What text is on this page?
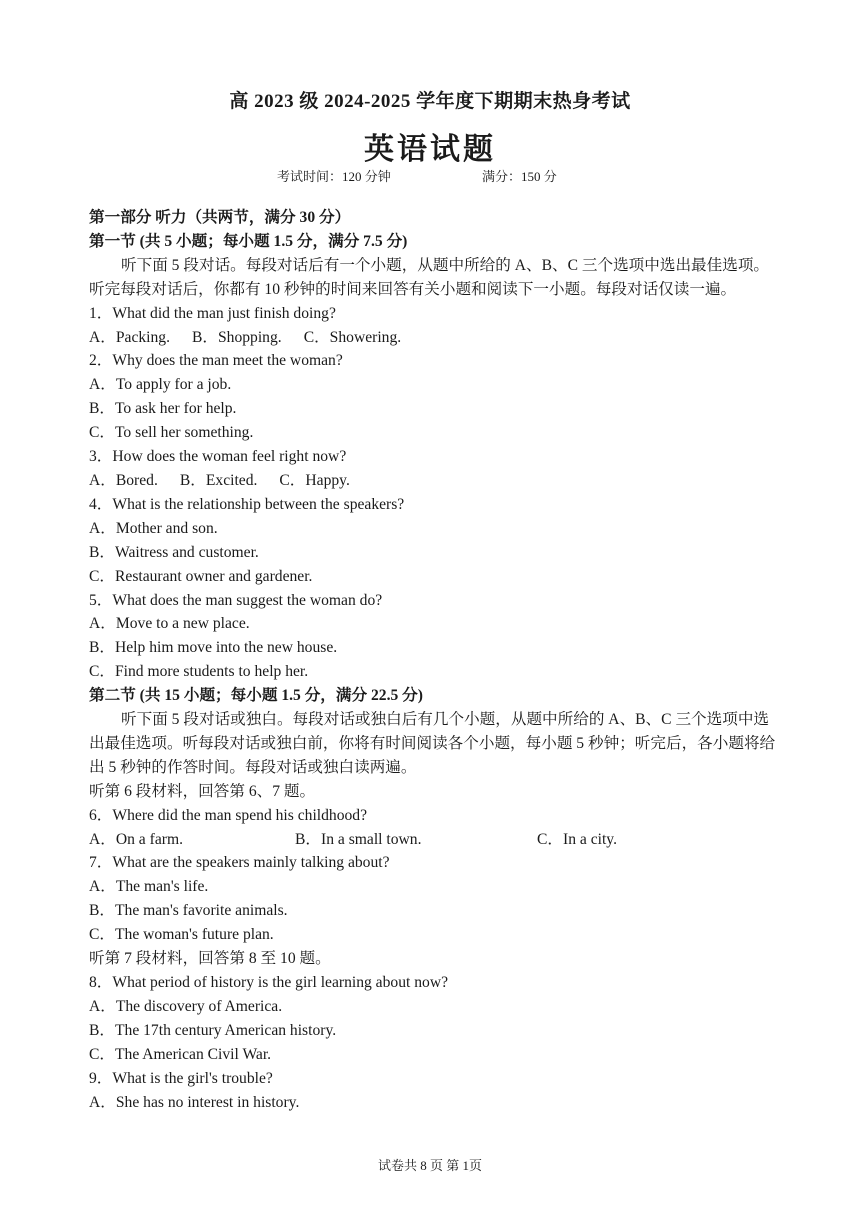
高 2023 级 2024-2025 学年度下期期末热身考试
英语试题
考试时间：120 分钟	满分：150 分
第一部分 听力（共两节，满分 30 分）
第一节 (共 5 小题；每小题 1.5 分，满分 7.5 分)
听下面 5 段对话。每段对话后有一个小题，从题中所给的 A、B、C 三个选项中选出最佳选项。听完每段对话后，你都有 10 秒钟的时间来回答有关小题和阅读下一小题。每段对话仅读一遍。
1．What did the man just finish doing?
A．Packing. B．Shopping. C．Showering.
2．Why does the man meet the woman?
A．To apply for a job.
B．To ask her for help.
C．To sell her something.
3．How does the woman feel right now?
A．Bored. B．Excited. C．Happy.
4．What is the relationship between the speakers?
A．Mother and son.
B．Waitress and customer.
C．Restaurant owner and gardener.
5．What does the man suggest the woman do?
A．Move to a new place.
B．Help him move into the new house.
C．Find more students to help her.
第二节 (共 15 小题；每小题 1.5 分，满分 22.5 分)
听下面 5 段对话或独白。每段对话或独白后有几个小题，从题中所给的 A、B、C 三个选项中选出最佳选项。听每段对话或独白前，你将有时间阅读各个小题，每小题 5 秒钟；听完后，各小题将给出 5 秒钟的作答时间。每段对话或独白读两遍。
听第 6 段材料，回答第 6、7 题。
6．Where did the man spend his childhood?
A．On a farm.	B．In a small town.	C．In a city.
7．What are the speakers mainly talking about?
A．The man's life.
B．The man's favorite animals.
C．The woman's future plan.
听第 7 段材料，回答第 8 至 10 题。
8．What period of history is the girl learning about now?
A．The discovery of America.
B．The 17th century American history.
C．The American Civil War.
9．What is the girl's trouble?
A．She has no interest in history.
试卷共 8 页 第 1页
